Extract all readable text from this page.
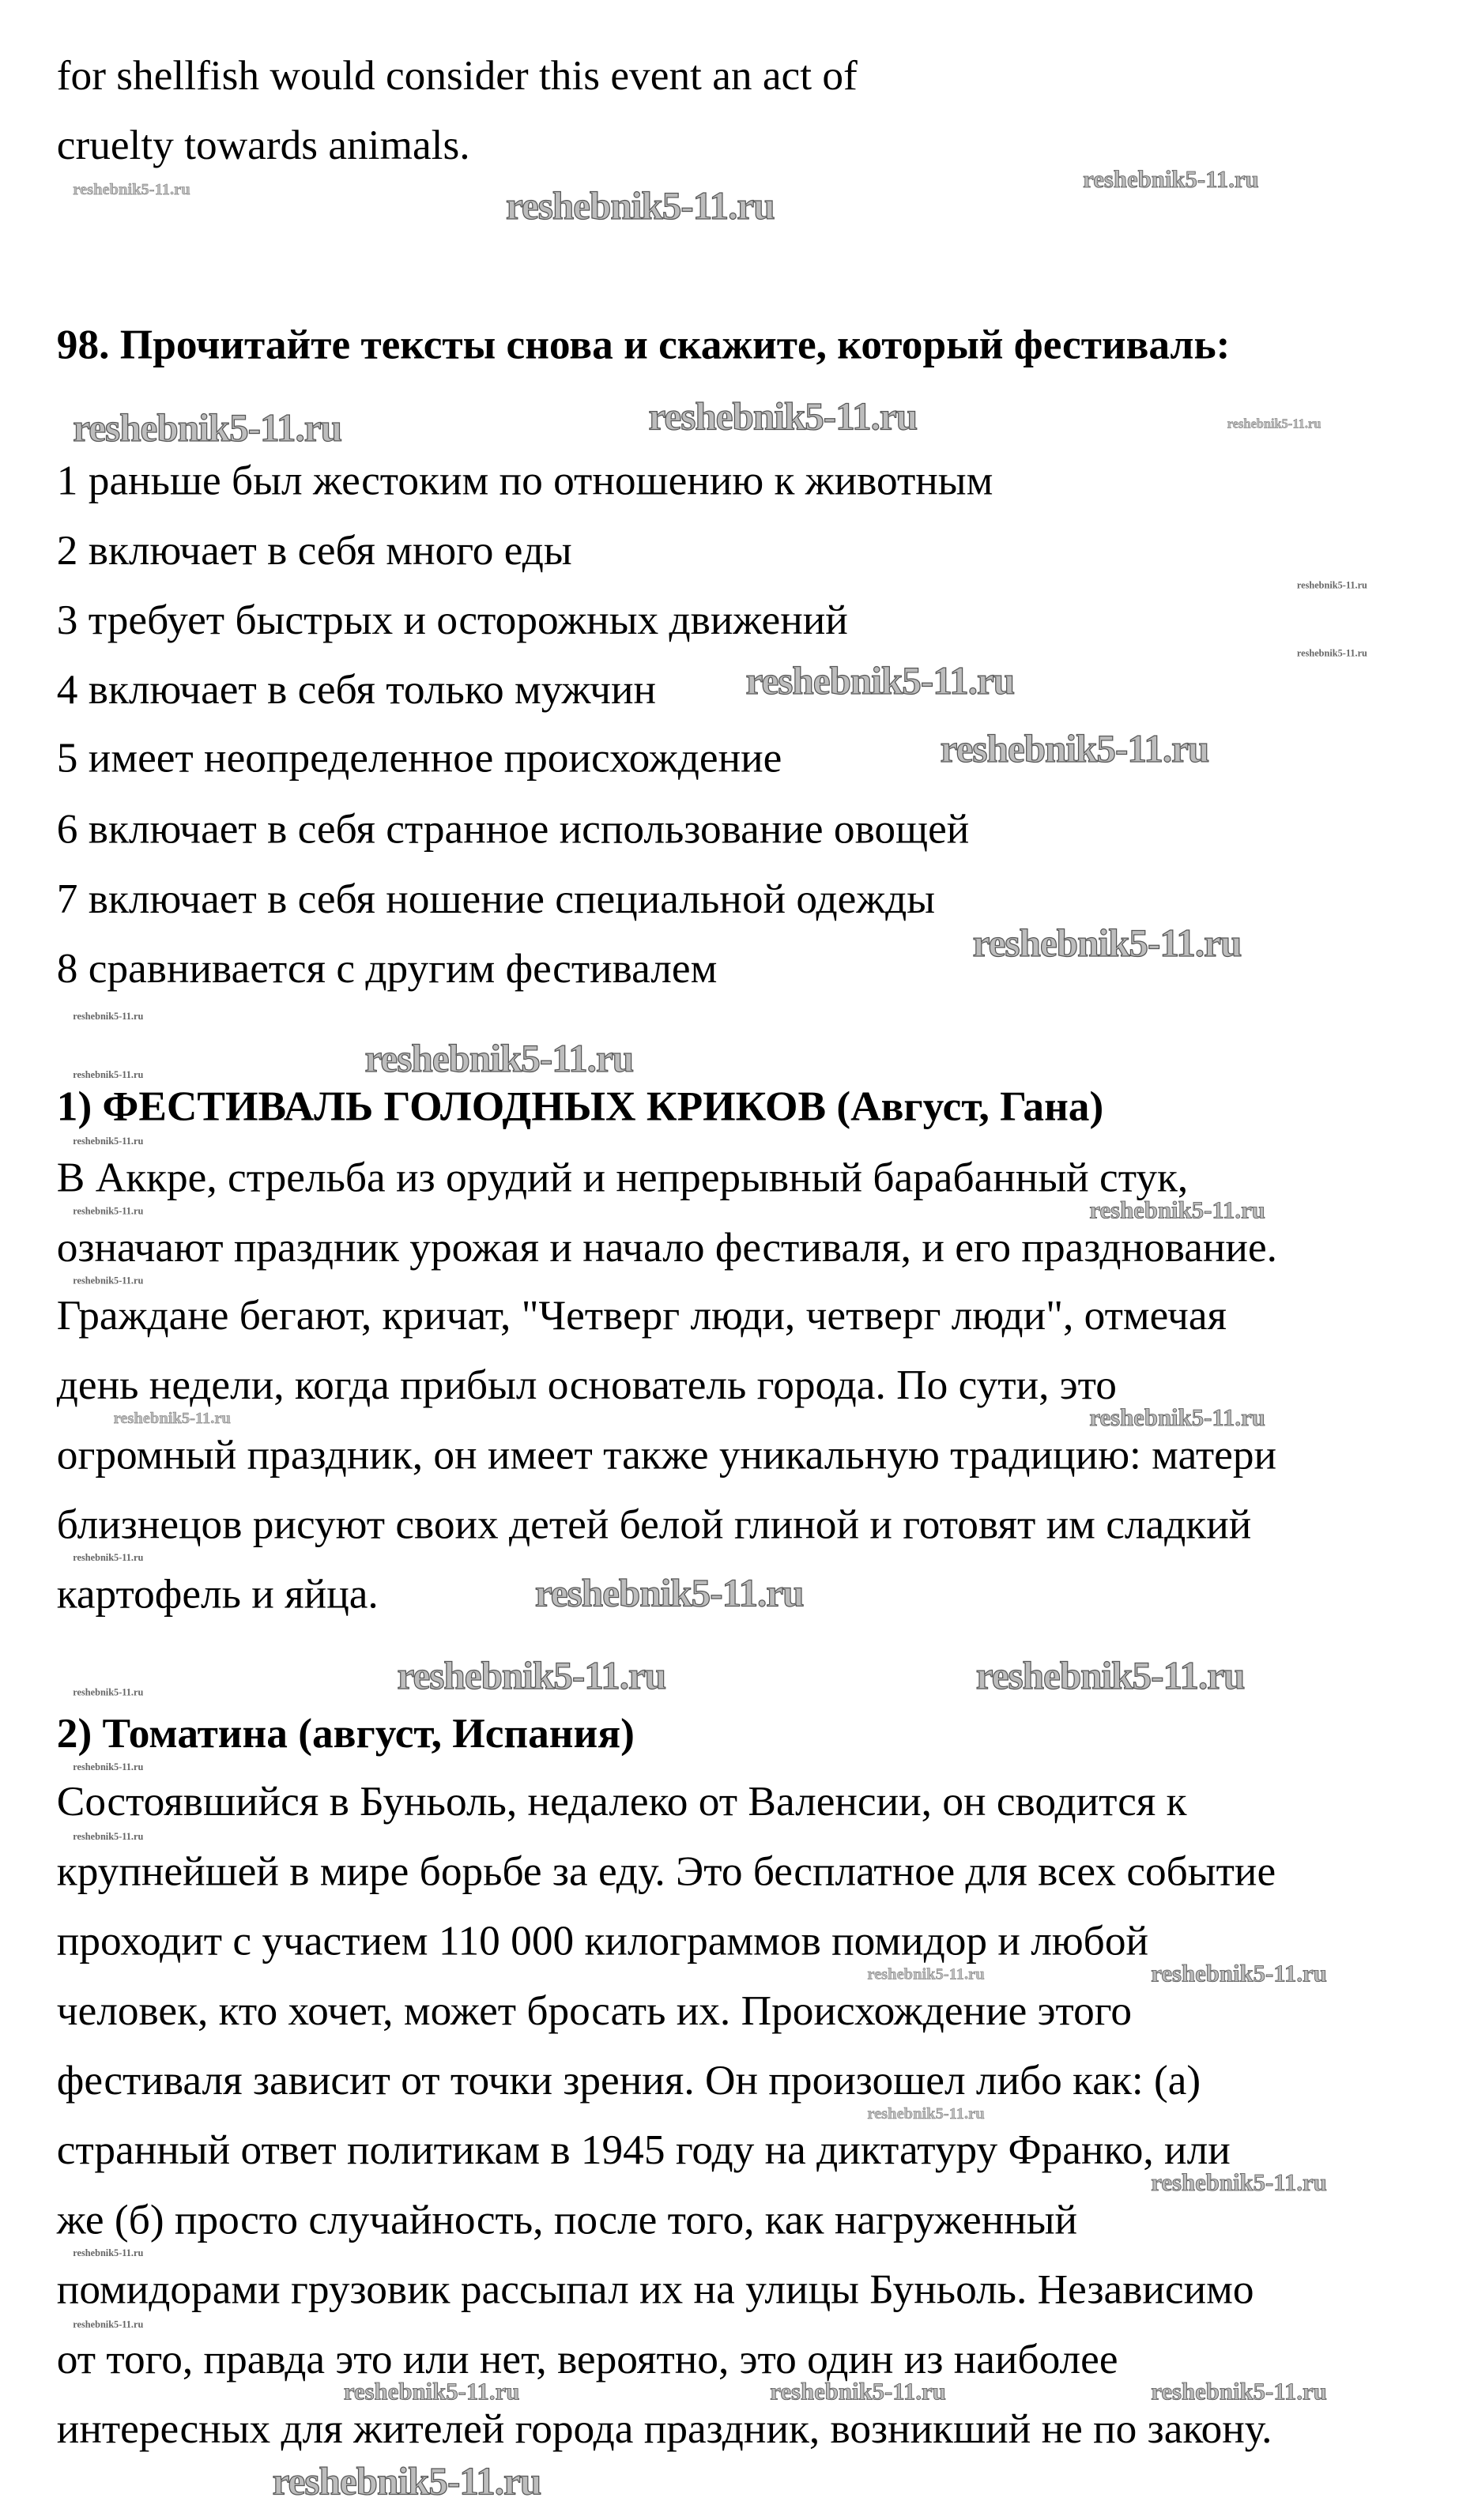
for shellfish would consider this event an act of
cruelty towards animals.
98. Прочитайте тексты снова и скажите, который фестиваль:
1 раньше был жестоким по отношению к животным
2 включает в себя много еды
3 требует быстрых и осторожных движений
4 включает в себя только мужчин
5 имеет неопределенное происхождение
6 включает в себя странное использование овощей
7 включает в себя ношение специальной одежды
8 сравнивается с другим фестивалем
1) ФЕСТИВАЛЬ ГОЛОДНЫХ КРИКОВ (Август, Гана)
В Аккре, стрельба из орудий и непрерывный барабанный стук,
означают праздник урожая и начало фестиваля, и его празднование.
Граждане бегают, кричат, "Четверг люди, четверг люди", отмечая
день недели, когда прибыл основатель города. По сути, это
огромный праздник, он имеет также уникальную традицию: матери
близнецов рисуют своих детей белой глиной и готовят им сладкий
картофель и яйца.
2) Томатина (август, Испания)
Состоявшийся в Буньоль, недалеко от Валенсии, он сводится к
крупнейшей в мире борьбе за еду. Это бесплатное для всех событие
проходит с участием 110 000 килограммов помидор и любой
человек, кто хочет, может бросать их. Происхождение этого
фестиваля зависит от точки зрения. Он произошел либо как: (а)
странный ответ политикам в 1945 году на диктатуру Франко, или
же (б) просто случайность, после того, как нагруженный
помидорами грузовик рассыпал их на улицы Буньоль. Независимо
от того, правда это или нет, вероятно, это один из наиболее
интересных для жителей города праздник, возникший не по закону.
reshebnik5-11.ru
reshebnik5-11.ru
reshebnik5-11.ru
reshebnik5-11.ru	reshebnik5-11.ru	reshebnik5-11.ru
reshebnik5-11.ru
reshebnik5-11.ru
reshebnik5-11.ru
reshebnik5-11.ru
reshebnik5-11.ru
reshebnik5-11.ru
reshebnik5-11.ru
reshebnik5-11.ru
reshebnik5-11.ru
reshebnik5-11.ru
reshebnik5-11.ru
reshebnik5-11.ru
reshebnik5-11.ru
reshebnik5-11.ru
reshebnik5-11.ru
reshebnik5-11.ru
reshebnik5-11.ru	reshebnik5-11.ru
reshebnik5-11.ru
reshebnik5-11.ru
reshebnik5-11.ru
reshebnik5-11.ru	reshebnik5-11.ru
reshebnik5-11.ru
reshebnik5-11.ru
reshebnik5-11.ru
reshebnik5-11.ru
reshebnik5-11.ru
reshebnik5-11.ru	reshebnik5-11.ru	reshebnik5-11.ru
